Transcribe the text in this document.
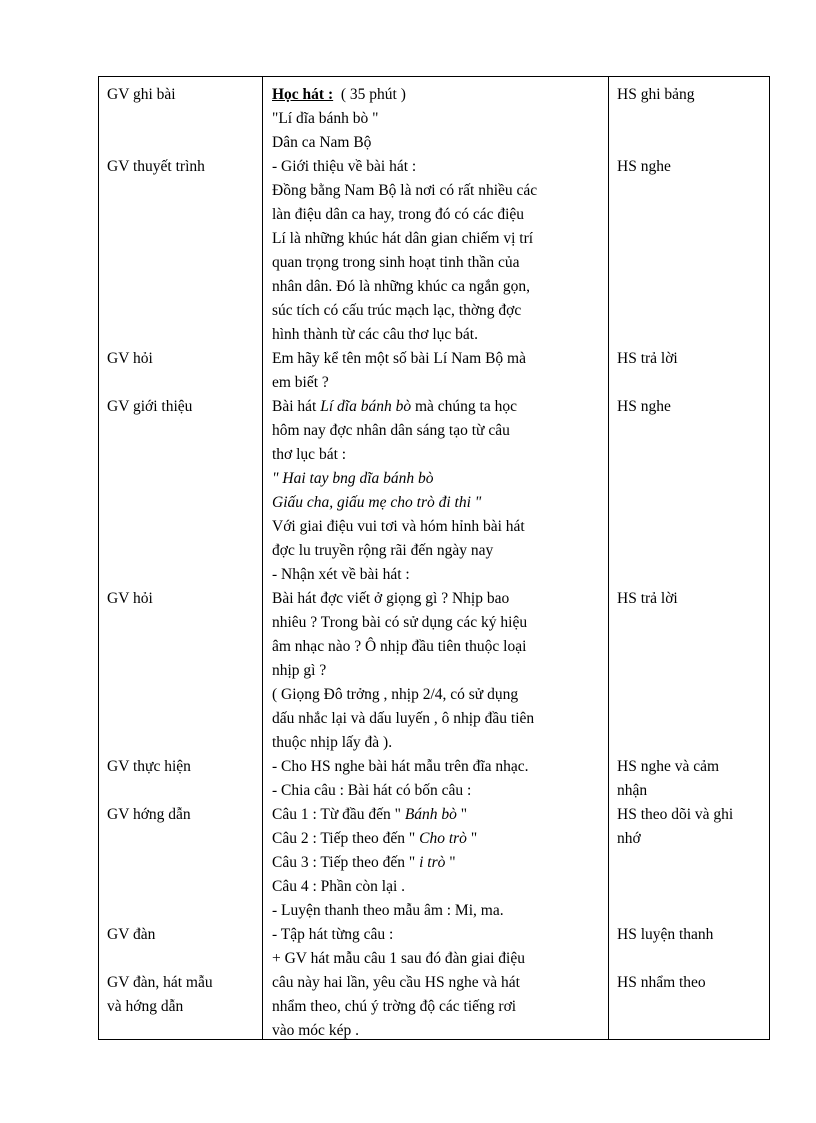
GV ghi bài
GV thuyết trình
GV hỏi
GV giới thiệu
GV hỏi
GV thực hiện
GV hớng dẫn
GV đàn
GV đàn, hát mẫu
và hớng dẫn
Học hát : ( 35 phút )
"Lí dĩa bánh bò "
Dân ca Nam Bộ
- Giới thiệu về bài hát :
Đồng bằng Nam Bộ là nơi có rất nhiều các
làn điệu dân ca hay, trong đó có các điệu
Lí là những khúc hát dân gian chiếm vị trí
quan trọng trong sinh hoạt tinh thần của
nhân dân. Đó là những khúc ca ngắn gọn,
súc tích có cấu trúc mạch lạc, thờng đợc
hình thành từ các câu thơ lục bát.
Em hãy kể tên một số bài Lí Nam Bộ mà
em biết ?
Bài hát Lí dĩa bánh bò mà chúng ta học
hôm nay đợc nhân dân sáng tạo từ câu
thơ lục bát :
" Hai tay bng dĩa bánh bò
Giấu cha, giấu mẹ cho trò đi thi "
Với giai điệu vui tơi và hóm hỉnh bài hát
đợc lu truyền rộng rãi đến ngày nay
- Nhận xét về bài hát :
Bài hát đợc viết ở giọng gì ? Nhịp bao
nhiêu ? Trong bài có sử dụng các ký hiệu
âm nhạc nào ? Ô nhịp đầu tiên thuộc loại
nhịp gì ?
( Giọng Đô trởng , nhịp 2/4, có sử dụng
dấu nhắc lại và dấu luyến , ô nhịp đầu tiên
thuộc nhịp lấy đà ).
- Cho HS nghe bài hát mẫu trên đĩa nhạc.
- Chia câu : Bài hát có bốn câu :
Câu 1 : Từ đầu đến " Bánh bò "
Câu 2 : Tiếp theo đến " Cho trò "
Câu 3 : Tiếp theo đến " i trò "
Câu 4 : Phần còn lại .
- Luyện thanh theo mẫu âm : Mi, ma.
- Tập hát từng câu :
+ GV hát mẫu câu 1 sau đó đàn giai điệu
câu này hai lần, yêu cầu HS nghe và hát
nhẩm theo, chú ý trờng độ các tiếng rơi
vào móc kép .
HS ghi bảng
HS nghe
HS trả lời
HS nghe
HS trả lời
HS nghe và cảm
nhận
HS theo dõi và ghi
nhớ
HS luyện thanh
HS nhẩm theo
